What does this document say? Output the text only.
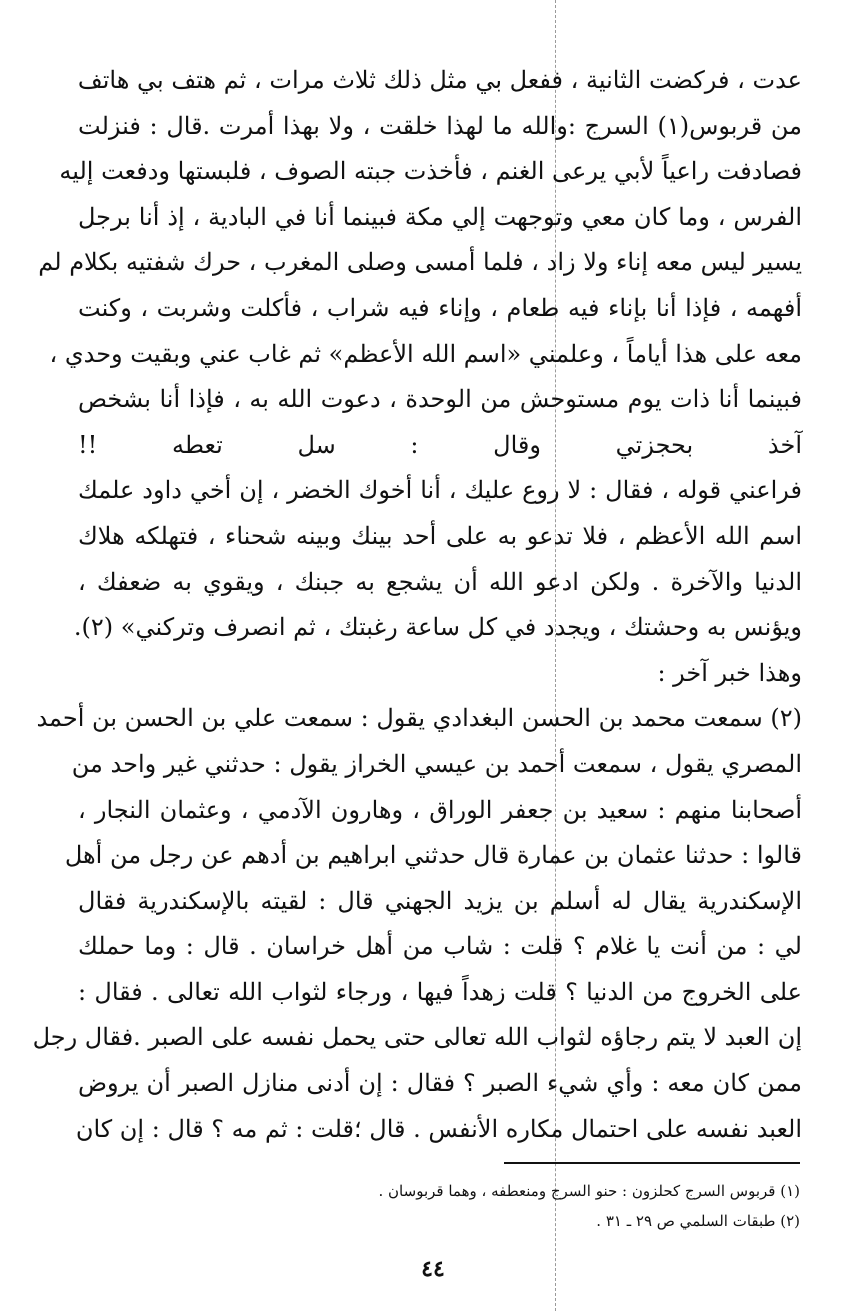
عدت ، فركضت الثانية ، ففعل بي مثل ذلك ثلاث مرات ، ثم هتف بي هاتف
من قربوس(١) السرج :والله ما لهذا خلقت ، ولا بهذا أمرت .قال : فنزلت
فصادفت راعياً لأبي يرعى الغنم ، فأخذت جبته الصوف ، فلبستها ودفعت إليه
الفرس ، وما كان معي وتوجهت إلي مكة فبينما أنا في البادية ، إذ أنا برجل
يسير ليس معه إناء ولا زاد ، فلما أمسى وصلى المغرب ، حرك شفتيه بكلام لم
أفهمه ، فإذا أنا بإناء فيه طعام ، وإناء فيه شراب ، فأكلت وشربت ، وكنت
معه على هذا أياماً ، وعلمني «اسم الله الأعظم» ثم غاب عني وبقيت وحدي ،
فبينما أنا ذات يوم مستوحش من الوحدة ، دعوت الله به ، فإذا أنا بشخص
آخذ بحجزتي وقال : سل تعطه !!
فراعني قوله ، فقال : لا روع عليك ، أنا أخوك الخضر ، إن أخي داود علمك
اسم الله الأعظم ، فلا تدعو به على أحد بينك وبينه شحناء ، فتهلكه هلاك
الدنيا والآخرة . ولكن ادعو الله أن يشجع به جبنك ، ويقوي به ضعفك ،
ويؤنس به وحشتك ، ويجدد في كل ساعة رغبتك ، ثم انصرف وتركني» (٢).
وهذا خبر آخر :
(٢) سمعت محمد بن الحسن البغدادي يقول : سمعت علي بن الحسن بن أحمد
المصري يقول ، سمعت أحمد بن عيسي الخراز يقول : حدثني غير واحد من
أصحابنا منهم : سعيد بن جعفر الوراق ، وهارون الآدمي ، وعثمان النجار ،
قالوا : حدثنا عثمان بن عمارة قال حدثني ابراهيم بن أدهم عن رجل من أهل
الإسكندرية يقال له أسلم بن يزيد الجهني قال : لقيته بالإسكندرية فقال
لي : من أنت يا غلام ؟ قلت : شاب من أهل خراسان . قال : وما حملك
على الخروج من الدنيا ؟ قلت زهداً فيها ، ورجاء لثواب الله تعالى . فقال :
إن العبد لا يتم رجاؤه لثواب الله تعالى حتى يحمل نفسه على الصبر .فقال رجل
ممن كان معه : وأي شيء الصبر ؟ فقال : إن أدنى منازل الصبر أن يروض
العبد نفسه على احتمال مكاره الأنفس . قال ؛قلت : ثم مه ؟ قال : إن كان
(١) قربوس السرج كحلزون : حنو السرج ومنعطفه ، وهما قربوسان .
(٢) طبقات السلمي ص ٢٩ ـ ٣١ .
٤٤
